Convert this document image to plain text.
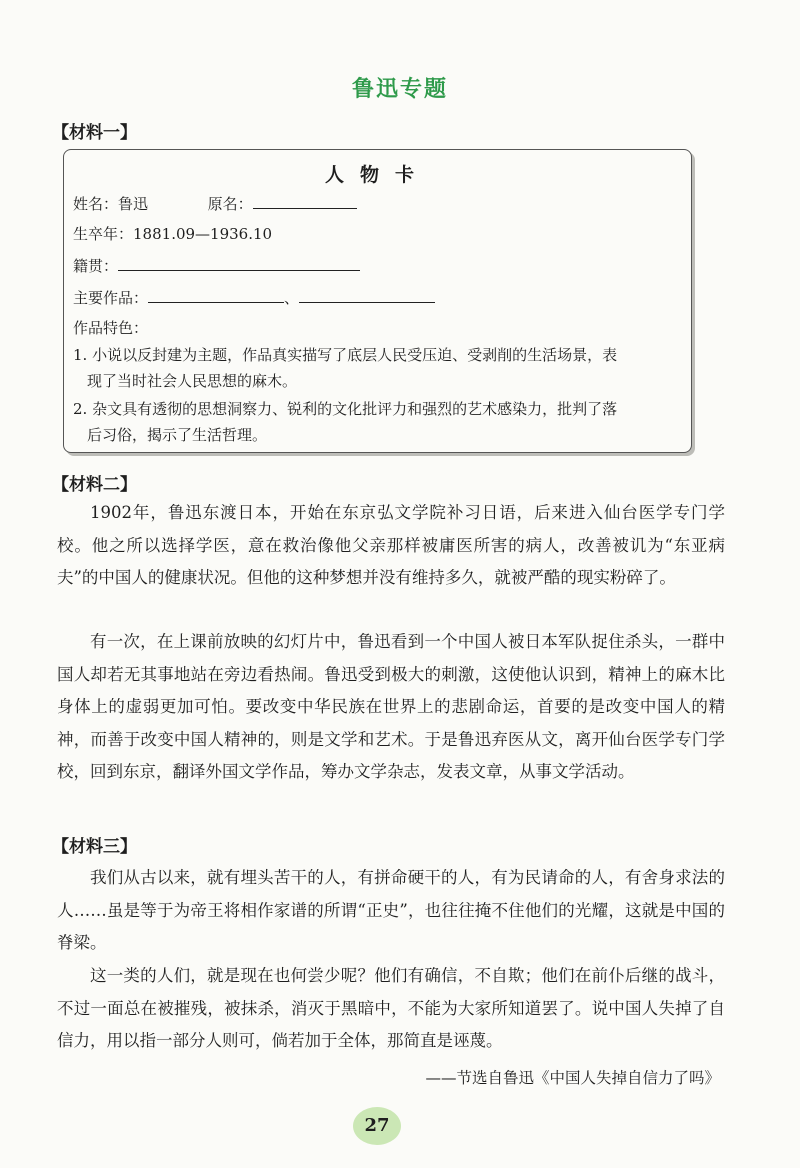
鲁迅专题
【材料一】
人物卡
姓名：鲁迅	原名：
生卒年：1881.09—1936.10
籍贯：
主要作品：	、
作品特色：
1. 小说以反封建为主题，作品真实描写了底层人民受压迫、受剥削的生活场景，表
现了当时社会人民思想的麻木。
2. 杂文具有透彻的思想洞察力、锐利的文化批评力和强烈的艺术感染力，批判了落
后习俗，揭示了生活哲理。
【材料二】

1902年，鲁迅东渡日本，开始在东京弘文学院补习日语，后来进入仙台医学专门学校。他之所以选择学医，意在救治像他父亲那样被庸医所害的病人，改善被讥为“东亚病夫”的中国人的健康状况。但他的这种梦想并没有维持多久，就被严酷的现实粉碎了。

有一次，在上课前放映的幻灯片中，鲁迅看到一个中国人被日本军队捉住杀头，一群中国人却若无其事地站在旁边看热闹。鲁迅受到极大的刺激，这使他认识到，精神上的麻木比身体上的虚弱更加可怕。要改变中华民族在世界上的悲剧命运，首要的是改变中国人的精神，而善于改变中国人精神的，则是文学和艺术。于是鲁迅弃医从文，离开仙台医学专门学校，回到东京，翻译外国文学作品，筹办文学杂志，发表文章，从事文学活动。

【材料三】

我们从古以来，就有埋头苦干的人，有拼命硬干的人，有为民请命的人，有舍身求法的人……虽是等于为帝王将相作家谱的所谓“正史”，也往往掩不住他们的光耀，这就是中国的脊梁。

这一类的人们，就是现在也何尝少呢？他们有确信，不自欺；他们在前仆后继的战斗，不过一面总在被摧残，被抹杀，消灭于黑暗中，不能为大家所知道罢了。说中国人失掉了自信力，用以指一部分人则可，倘若加于全体，那简直是诬蔑。

——节选自鲁迅《中国人失掉自信力了吗》
27
